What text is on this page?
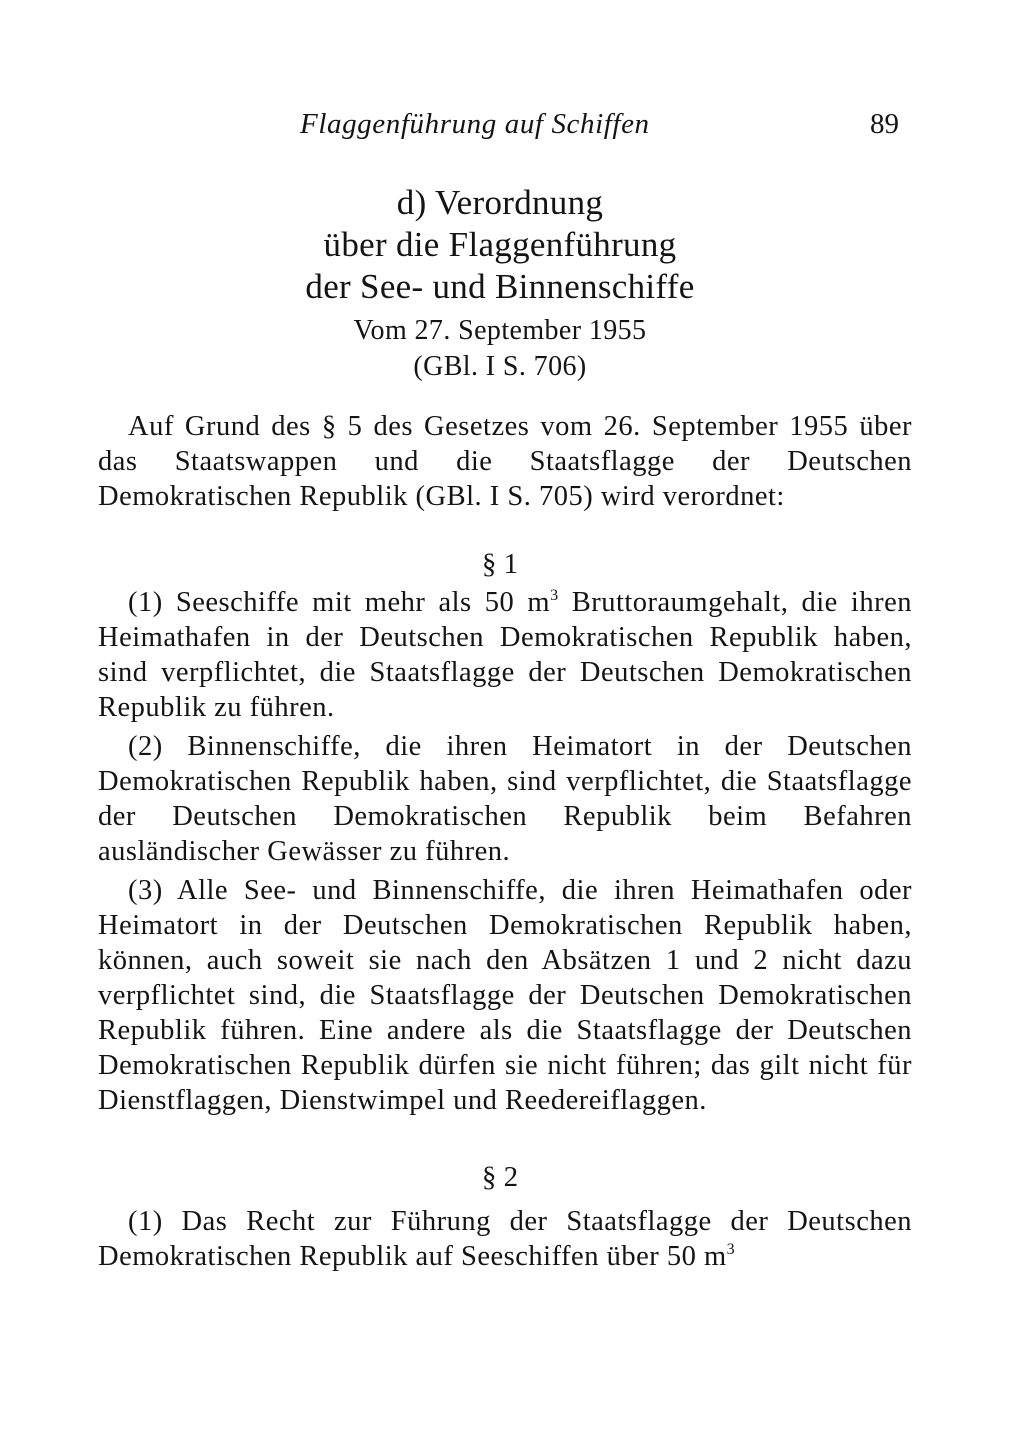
Flaggenführung auf Schiffen	89
d) Verordnung
über die Flaggenführung
der See- und Binnenschiffe
Vom 27. September 1955
(GBl. I S. 706)

Auf Grund des § 5 des Gesetzes vom 26. September 1955 über das Staatswappen und die Staatsflagge der Deutschen Demokratischen Republik (GBl. I S. 705) wird verordnet:

§ 1

(1) Seeschiffe mit mehr als 50 $m^3$ Bruttoraumgehalt, die ihren Heimathafen in der Deutschen Demokratischen Republik haben, sind verpflichtet, die Staatsflagge der Deutschen Demokratischen Republik zu führen.

(2) Binnenschiffe, die ihren Heimatort in der Deutschen Demokratischen Republik haben, sind verpflichtet, die Staatsflagge der Deutschen Demokratischen Republik beim Befahren ausländischer Gewässer zu führen.

(3) Alle See- und Binnenschiffe, die ihren Heimathafen oder Heimatort in der Deutschen Demokratischen Republik haben, können, auch soweit sie nach den Absätzen 1 und 2 nicht dazu verpflichtet sind, die Staatsflagge der Deutschen Demokratischen Republik führen. Eine andere als die Staatsflagge der Deutschen Demokratischen Republik dürfen sie nicht führen; das gilt nicht für Dienstflaggen, Dienstwimpel und Reedereiflaggen.

§ 2

(1) Das Recht zur Führung der Staatsflagge der Deutschen Demokratischen Republik auf Seeschiffen über 50 $m^3$
